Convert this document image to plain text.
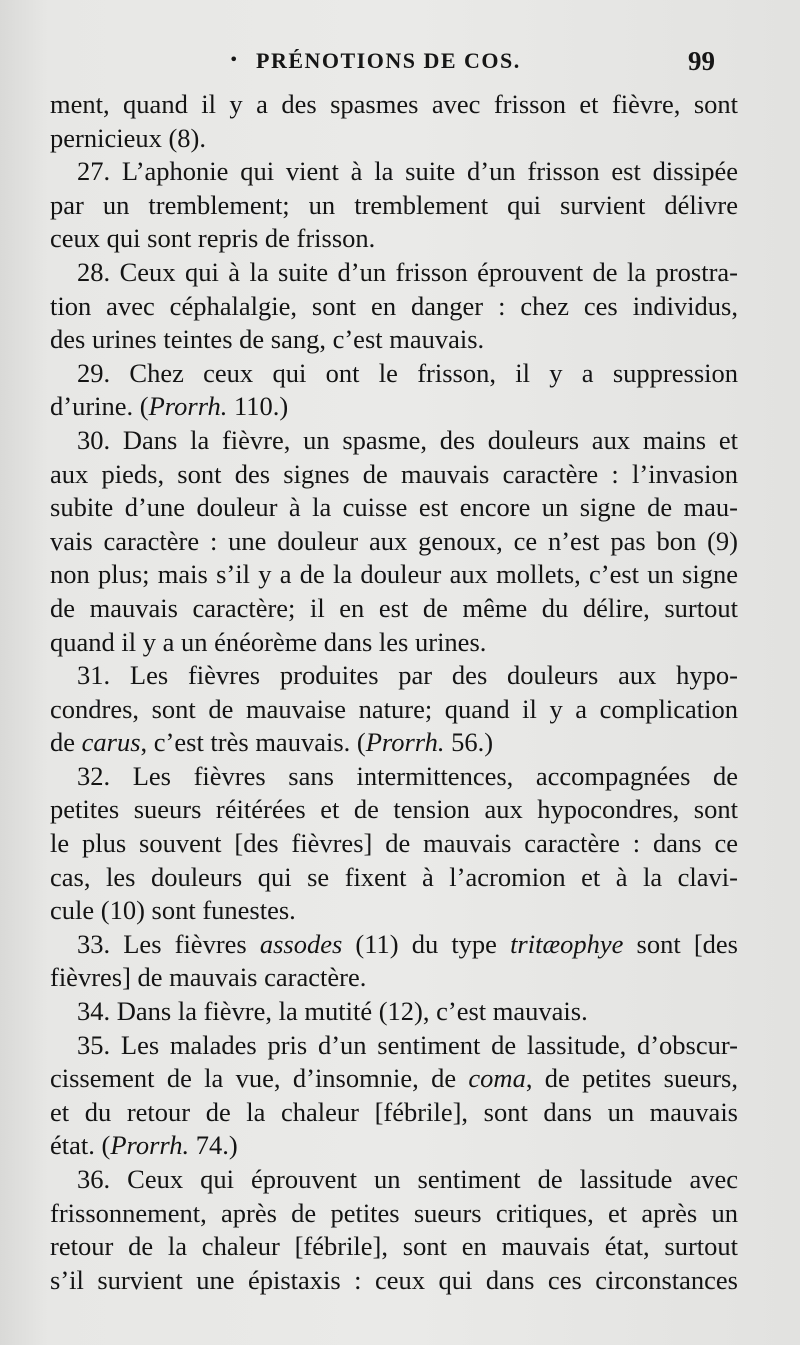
• PRÉNOTIONS DE COS.	99
ment, quand il y a des spasmes avec frisson et fièvre, sont
pernicieux (8).
27. L’aphonie qui vient à la suite d’un frisson est dissipée
par un tremblement; un tremblement qui survient délivre
ceux qui sont repris de frisson.
28. Ceux qui à la suite d’un frisson éprouvent de la prostra-
tion avec céphalalgie, sont en danger : chez ces individus,
des urines teintes de sang, c’est mauvais.
29. Chez ceux qui ont le frisson, il y a suppression
d’urine. (Prorrh. 110.)
30. Dans la fièvre, un spasme, des douleurs aux mains et
aux pieds, sont des signes de mauvais caractère : l’invasion
subite d’une douleur à la cuisse est encore un signe de mau-
vais caractère : une douleur aux genoux, ce n’est pas bon (9)
non plus; mais s’il y a de la douleur aux mollets, c’est un signe
de mauvais caractère; il en est de même du délire, surtout
quand il y a un énéorème dans les urines.
31. Les fièvres produites par des douleurs aux hypo-
condres, sont de mauvaise nature; quand il y a complication
de carus, c’est très mauvais. (Prorrh. 56.)
32. Les fièvres sans intermittences, accompagnées de
petites sueurs réitérées et de tension aux hypocondres, sont
le plus souvent [des fièvres] de mauvais caractère : dans ce
cas, les douleurs qui se fixent à l’acromion et à la clavi-
cule (10) sont funestes.
33. Les fièvres assodes (11) du type tritæophye sont [des
fièvres] de mauvais caractère.
34. Dans la fièvre, la mutité (12), c’est mauvais.
35. Les malades pris d’un sentiment de lassitude, d’obscur-
cissement de la vue, d’insomnie, de coma, de petites sueurs,
et du retour de la chaleur [fébrile], sont dans un mauvais
état. (Prorrh. 74.)
36. Ceux qui éprouvent un sentiment de lassitude avec
frissonnement, après de petites sueurs critiques, et après un
retour de la chaleur [fébrile], sont en mauvais état, surtout
s’il survient une épistaxis : ceux qui dans ces circonstances
